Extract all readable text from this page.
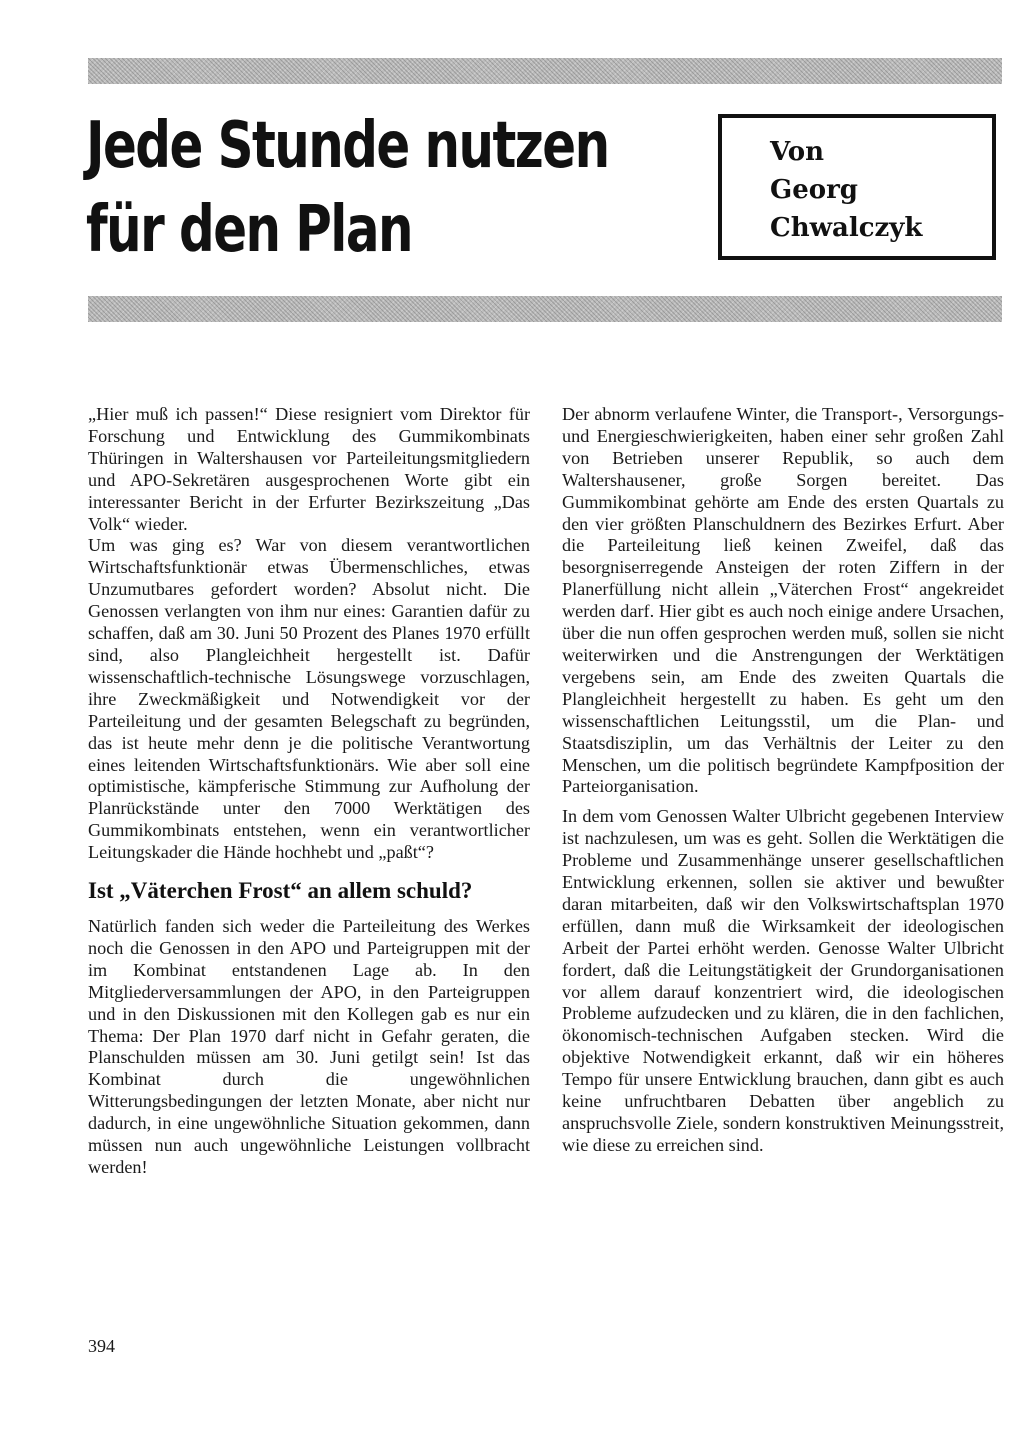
Jede Stunde nutzen
für den Plan
Von
Georg
Chwalczyk

„Hier muß ich passen!“ Diese resigniert vom Direktor für Forschung und Entwicklung des Gummikombinats Thüringen in Waltershausen vor Parteileitungsmitgliedern und APO-Sekretären ausgesprochenen Worte gibt ein interessanter Bericht in der Erfurter Bezirkszeitung „Das Volk“ wieder.

Um was ging es? War von diesem verantwortlichen Wirtschaftsfunktionär etwas Übermenschliches, etwas Unzumutbares gefordert worden? Absolut nicht. Die Genossen verlangten von ihm nur eines: Garantien dafür zu schaffen, daß am 30. Juni 50 Prozent des Planes 1970 erfüllt sind, also Plangleichheit hergestellt ist. Dafür wissenschaftlich-technische Lösungswege vorzuschlagen, ihre Zweckmäßigkeit und Notwendigkeit vor der Parteileitung und der gesamten Belegschaft zu begründen, das ist heute mehr denn je die politische Verantwortung eines leitenden Wirtschaftsfunktionärs. Wie aber soll eine optimistische, kämpferische Stimmung zur Aufholung der Planrückstände unter den 7000 Werktätigen des Gummikombinats entstehen, wenn ein verantwortlicher Leitungskader die Hände hochhebt und „paßt“?

Ist „Väterchen Frost“ an allem schuld?

Natürlich fanden sich weder die Parteileitung des Werkes noch die Genossen in den APO und Parteigruppen mit der im Kombinat entstandenen Lage ab. In den Mitgliederversammlungen der APO, in den Parteigruppen und in den Diskussionen mit den Kollegen gab es nur ein Thema: Der Plan 1970 darf nicht in Gefahr geraten, die Planschulden müssen am 30. Juni getilgt sein! Ist das Kombinat durch die ungewöhnlichen Witterungsbedingungen der letzten Monate, aber nicht nur dadurch, in eine ungewöhnliche Situation gekommen, dann müssen nun auch ungewöhnliche Leistungen vollbracht werden!

Der abnorm verlaufene Winter, die Transport-, Versorgungs- und Energieschwierigkeiten, haben einer sehr großen Zahl von Betrieben unserer Republik, so auch dem Waltershausener, große Sorgen bereitet. Das Gummikombinat gehörte am Ende des ersten Quartals zu den vier größten Planschuldnern des Bezirkes Erfurt. Aber die Parteileitung ließ keinen Zweifel, daß das besorgniserregende Ansteigen der roten Ziffern in der Planerfüllung nicht allein „Väterchen Frost“ angekreidet werden darf. Hier gibt es auch noch einige andere Ursachen, über die nun offen gesprochen werden muß, sollen sie nicht weiterwirken und die Anstrengungen der Werktätigen vergebens sein, am Ende des zweiten Quartals die Plangleichheit hergestellt zu haben. Es geht um den wissenschaftlichen Leitungsstil, um die Plan- und Staatsdisziplin, um das Verhältnis der Leiter zu den Menschen, um die politisch begründete Kampfposition der Parteiorganisation.

In dem vom Genossen Walter Ulbricht gegebenen Interview ist nachzulesen, um was es geht. Sollen die Werktätigen die Probleme und Zusammenhänge unserer gesellschaftlichen Entwicklung erkennen, sollen sie aktiver und bewußter daran mitarbeiten, daß wir den Volkswirtschaftsplan 1970 erfüllen, dann muß die Wirksamkeit der ideologischen Arbeit der Partei erhöht werden. Genosse Walter Ulbricht fordert, daß die Leitungstätigkeit der Grundorganisationen vor allem darauf konzentriert wird, die ideologischen Probleme aufzudecken und zu klären, die in den fachlichen, ökonomisch-technischen Aufgaben stecken. Wird die objektive Notwendigkeit erkannt, daß wir ein höheres Tempo für unsere Entwicklung brauchen, dann gibt es auch keine unfruchtbaren Debatten über angeblich zu anspruchsvolle Ziele, sondern konstruktiven Meinungsstreit, wie diese zu erreichen sind.

394
